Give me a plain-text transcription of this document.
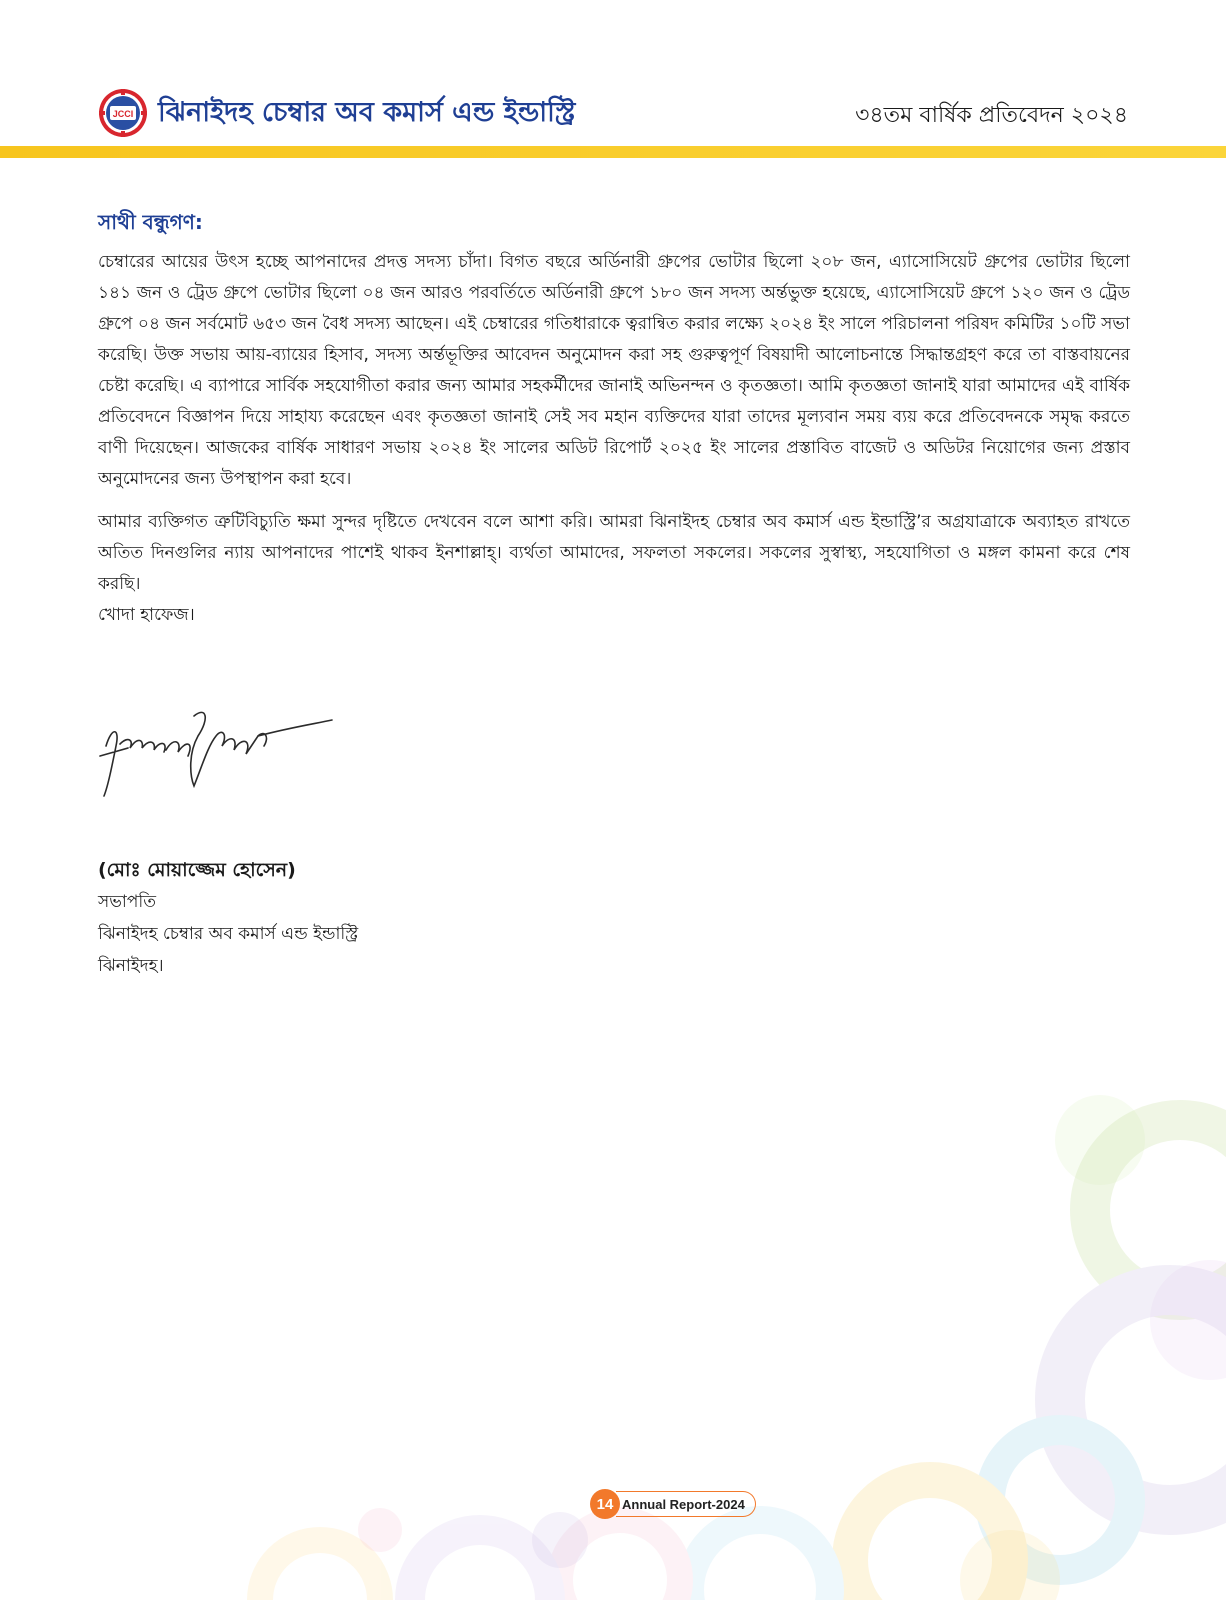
JCCI ঝিনাইদহ চেম্বার অব কমার্স এন্ড ইন্ডাস্ট্রি	৩৪তম বার্ষিক প্রতিবেদন ২০২৪

সাথী বন্ধুগণ:

চেম্বারের আয়ের উৎস হচ্ছে আপনাদের প্রদত্ত সদস্য চাঁদা। বিগত বছরে অর্ডিনারী গ্রুপের ভোটার ছিলো ২০৮ জন, এ্যাসোসিয়েট গ্রুপের ভোটার ছিলো ১৪১ জন ও ট্রেড গ্রুপে ভোটার ছিলো ০৪ জন আরও পরবর্তিতে অর্ডিনারী গ্রুপে ১৮০ জন সদস্য অর্ন্তভুক্ত হয়েছে, এ্যাসোসিয়েট গ্রুপে ১২০ জন ও ট্রেড গ্রুপে ০৪ জন সর্বমোট ৬৫৩ জন বৈধ সদস্য আছেন। এই চেম্বারের গতিধারাকে ত্বরান্বিত করার লক্ষ্যে ২০২৪ ইং সালে পরিচালনা পরিষদ কমিটির ১০টি সভা করেছি। উক্ত সভায় আয়-ব্যায়ের হিসাব, সদস্য অর্ন্তভূক্তির আবেদন অনুমোদন করা সহ গুরুত্বপূর্ণ বিষয়াদী আলোচনান্তে সিদ্ধান্তগ্রহণ করে তা বাস্তবায়নের চেষ্টা করেছি। এ ব্যাপারে সার্বিক সহযোগীতা করার জন্য আমার সহকর্মীদের জানাই অভিনন্দন ও কৃতজ্ঞতা। আমি কৃতজ্ঞতা জানাই যারা আমাদের এই বার্ষিক প্রতিবেদনে বিজ্ঞাপন দিয়ে সাহায্য করেছেন এবং কৃতজ্ঞতা জানাই সেই সব মহান ব্যক্তিদের যারা তাদের মূল্যবান সময় ব্যয় করে প্রতিবেদনকে সমৃদ্ধ করতে বাণী দিয়েছেন। আজকের বার্ষিক সাধারণ সভায় ২০২৪ ইং সালের অডিট রিপোর্ট ২০২৫ ইং সালের প্রস্তাবিত বাজেট ও অডিটর নিয়োগের জন্য প্রস্তাব অনুমোদনের জন্য উপস্থাপন করা হবে।

আমার ব্যক্তিগত ত্রুটিবিচ্যুতি ক্ষমা সুন্দর দৃষ্টিতে দেখবেন বলে আশা করি। আমরা ঝিনাইদহ চেম্বার অব কমার্স এন্ড ইন্ডাস্ট্রি’র অগ্রযাত্রাকে অব্যাহত রাখতে অতিত দিনগুলির ন্যায় আপনাদের পাশেই থাকব ইনশাল্লাহ্। ব্যর্থতা আমাদের, সফলতা সকলের। সকলের সুস্বাস্থ্য, সহযোগিতা ও মঙ্গল কামনা করে শেষ করছি।

খোদা হাফেজ।

(মোঃ মোয়াজ্জেম হোসেন)
সভাপতি
ঝিনাইদহ চেম্বার অব কমার্স এন্ড ইন্ডাস্ট্রি
ঝিনাইদহ।
14 Annual Report-2024
